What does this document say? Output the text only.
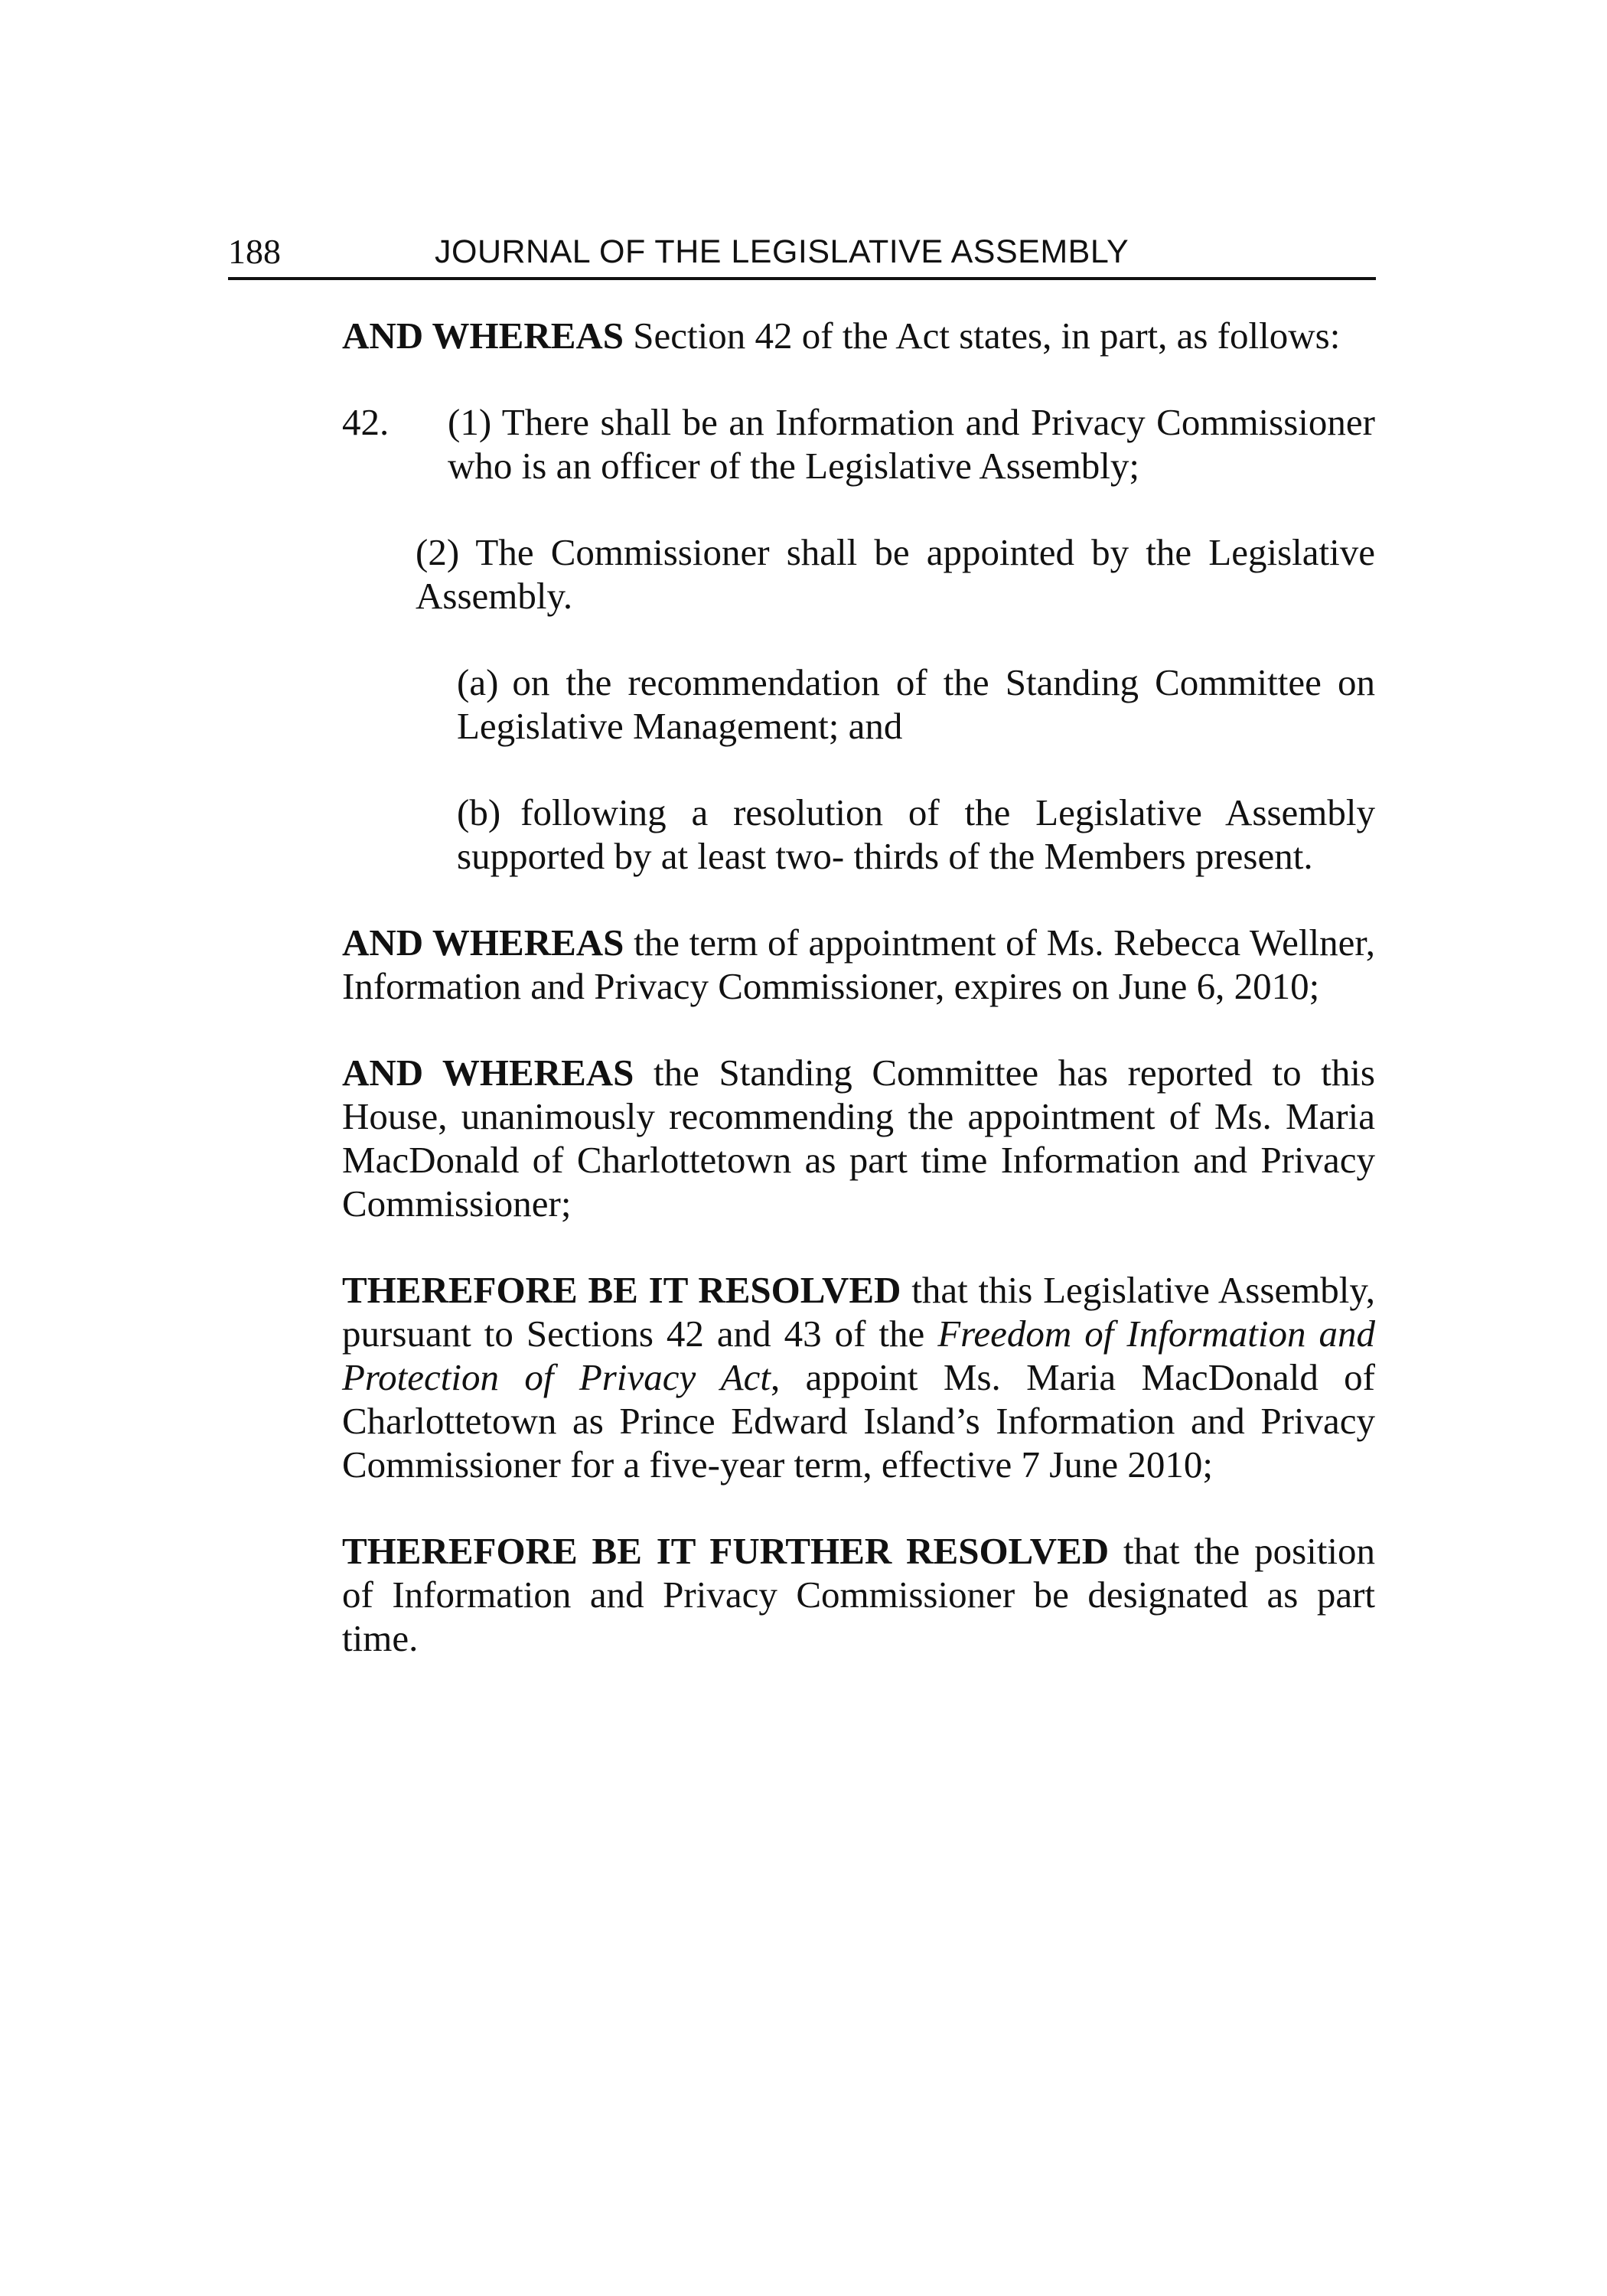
188	JOURNAL OF THE LEGISLATIVE ASSEMBLY

AND WHEREAS Section 42 of the Act states, in part, as follows:

42. (1) There shall be an Information and Privacy Commissioner who is an officer of the Legislative Assembly;
(2) The Commissioner shall be appointed by the Legislative Assembly.
(a) on the recommendation of the Standing Committee on Legislative Management; and
(b) following a resolution of the Legislative Assembly supported by at least two- thirds of the Members present.

AND WHEREAS the term of appointment of Ms. Rebecca Wellner, Information and Privacy Commissioner, expires on June 6, 2010;

AND WHEREAS the Standing Committee has reported to this House, unanimously recommending the appointment of Ms. Maria MacDonald of Charlottetown as part time Information and Privacy Commissioner;

THEREFORE BE IT RESOLVED that this Legislative Assembly, pursuant to Sections 42 and 43 of the Freedom of Information and Protection of Privacy Act, appoint Ms. Maria MacDonald of Charlottetown as Prince Edward Island’s Information and Privacy Commissioner for a five-year term, effective 7 June 2010;

THEREFORE BE IT FURTHER RESOLVED that the position of Information and Privacy Commissioner be designated as part time.
